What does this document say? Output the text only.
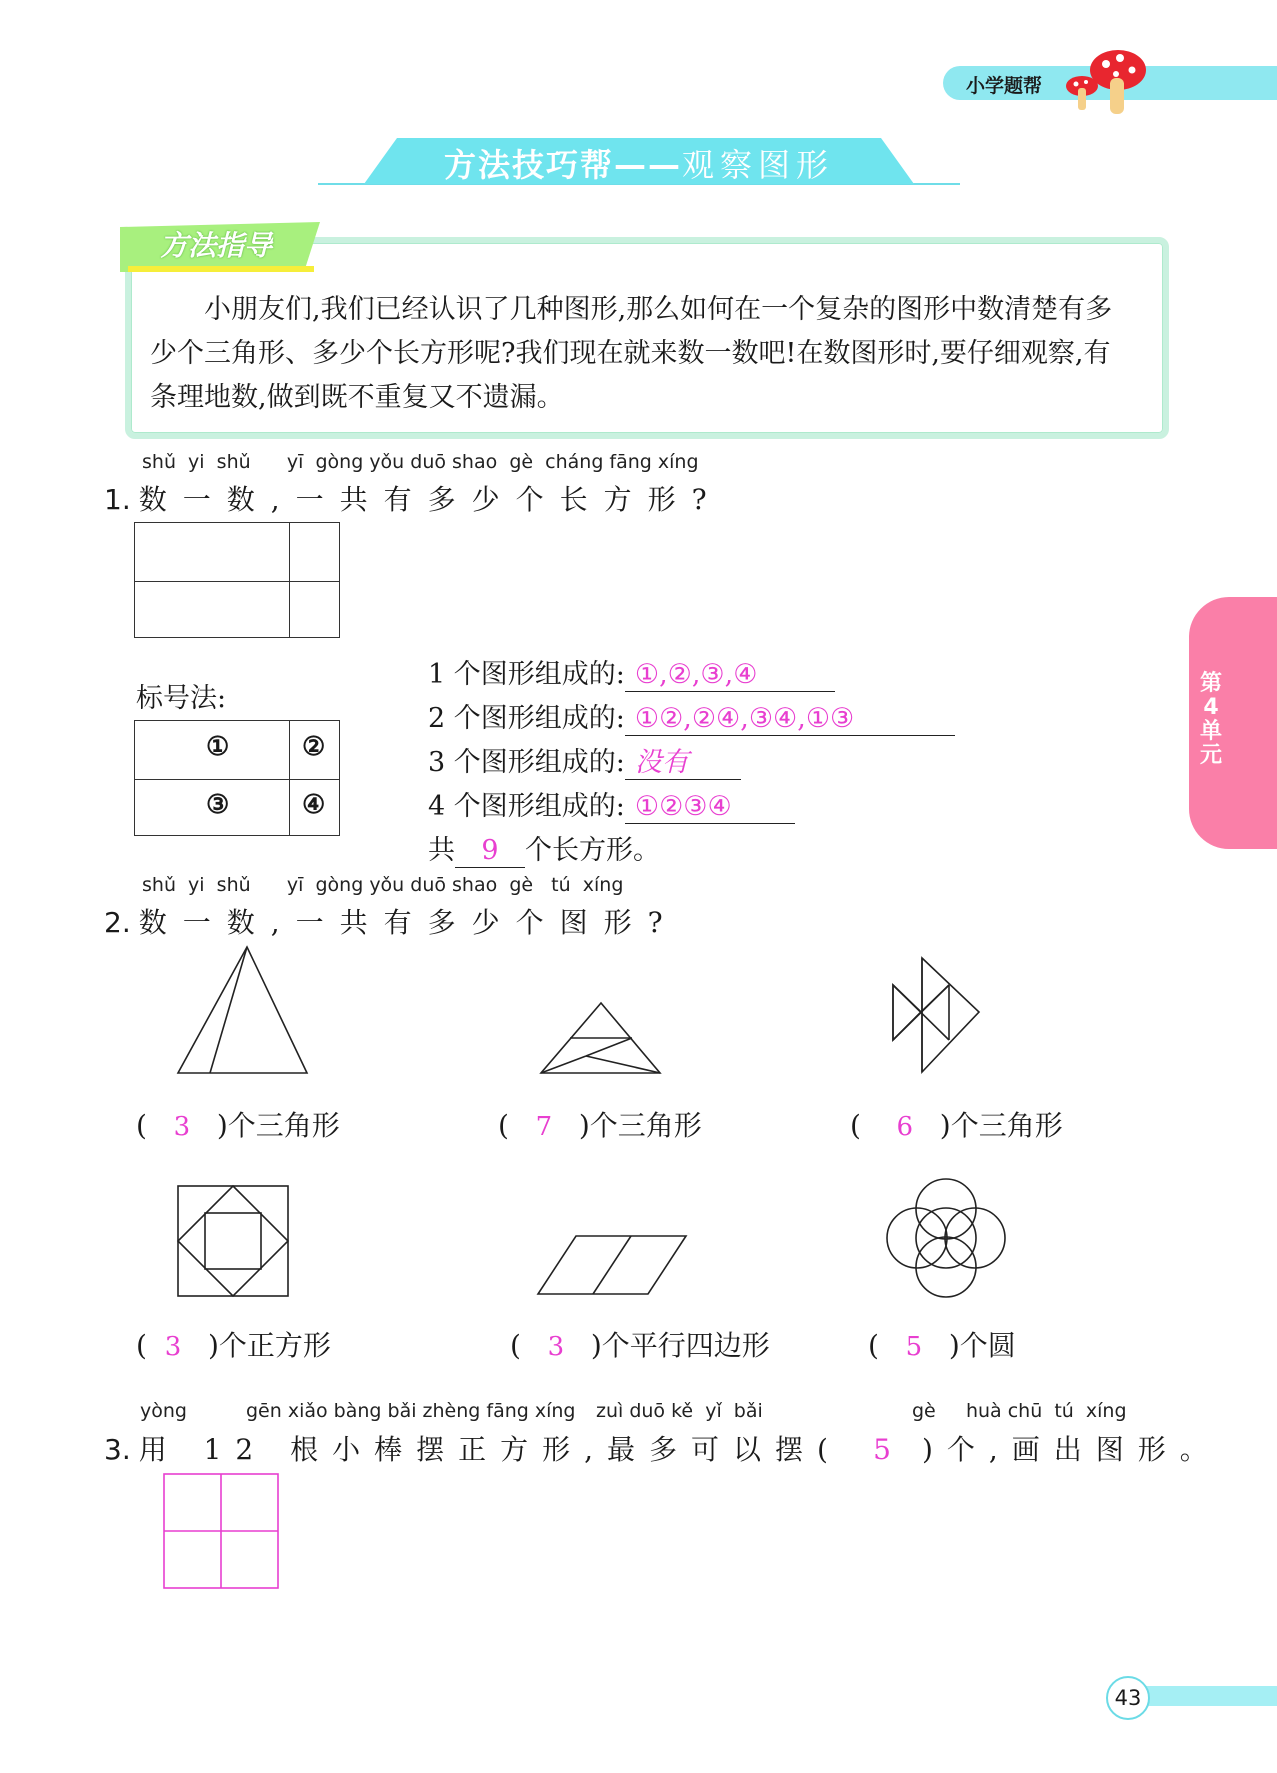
小学题帮
方法技巧帮——观察图形
方法指导
小朋友们,我们已经认识了几种图形,那么如何在一个复杂的图形中数清楚有多少个三角形、多少个长方形呢?我们现在就来数一数吧!在数图形时,要仔细观察,有条理地数,做到既不重复又不遗漏。
第4单元
shǔ  yi  shǔ      yī  gòng yǒu duō shao  gè  cháng fāng xíng
1. 数一数,一共有多少个长方形?
标号法:
①	②
③	④
1 个图形组成的: ①,②,③,④
2 个图形组成的: ①②,②④,③④,①③
3 个图形组成的: 没有
4 个图形组成的: ①②③④
共 9 个长方形。
shǔ  yi  shǔ      yī  gòng yǒu duō shao  gè   tú  xíng
2. 数一数,一共有多少个图形?
(   3 )个三角形	(   7 )个三角形	(    6 )个三角形
(  3 )个正方形	(   3 )个平行四边形	(   5 )个圆
yòng	gēn xiǎo bàng bǎi zhèng fāng xíng zuì duō kě  yǐ  bǎi	gè     huà chū  tú  xíng
3. 用 12 根小棒摆正方形,最多可以摆( 5 )个,画出图形。
43
